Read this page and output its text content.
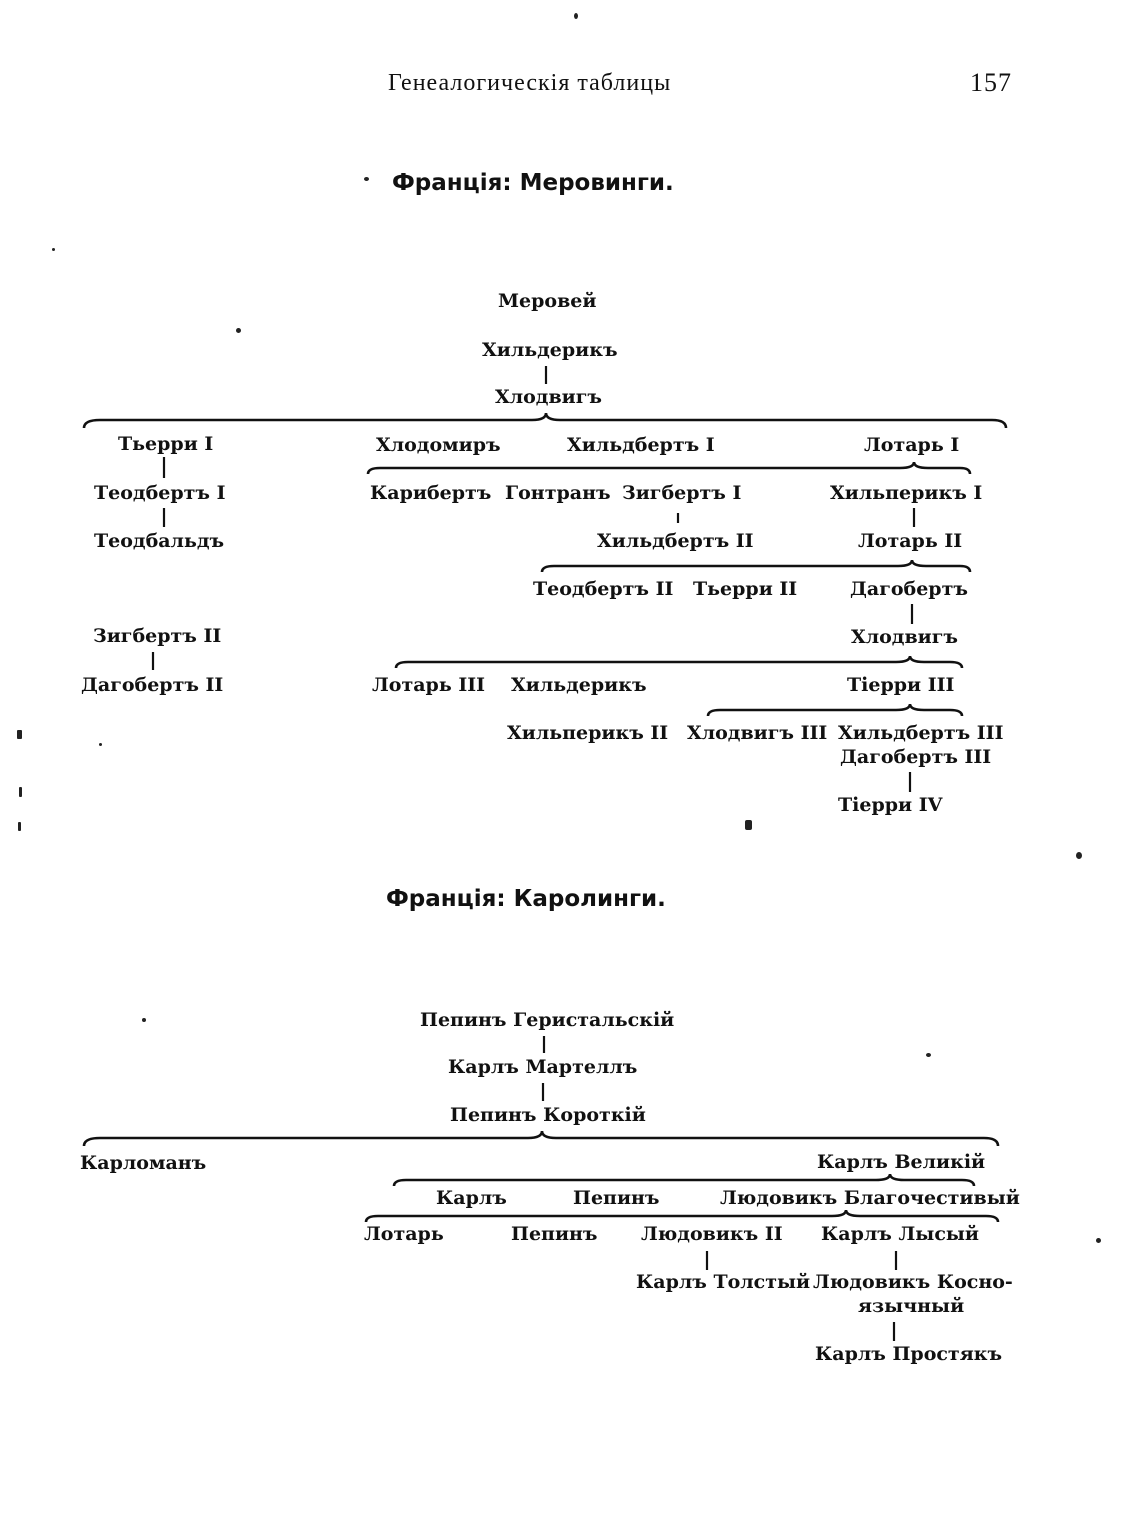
Генеалогическія таблицы	157
Франція: Меровинги.
Меровей
Хильдерикъ
Хлодвигъ
Тьерри I
Теодбертъ I
Теодбальдъ
Хлодомиръ	Хильдбертъ I	Лотарь I
Карибертъ Гонтранъ Зигбертъ I	Хильперикъ I
Хильдбертъ II	Лотарь II
Теодбертъ II Тьерри II	Дагобертъ
Зигбертъ II	Хлодвигъ
Дагобертъ II	Лотарь III Хильдерикъ	Тіерри III
Хильперикъ II Хлодвигъ III Хильдбертъ III
Дагобертъ III
Тіерри IV
Франція: Каролинги.
Пепинъ Геристальскій
Карлъ Мартеллъ
Пепинъ Короткій
Карломанъ	Карлъ Великій
Карлъ	Пепинъ	Людовикъ Благочестивый
Лотарь	Пепинъ Людовикъ II Карлъ Лысый
Карлъ Толстый Людовикъ Косно-
язычный
Карлъ Простякъ
